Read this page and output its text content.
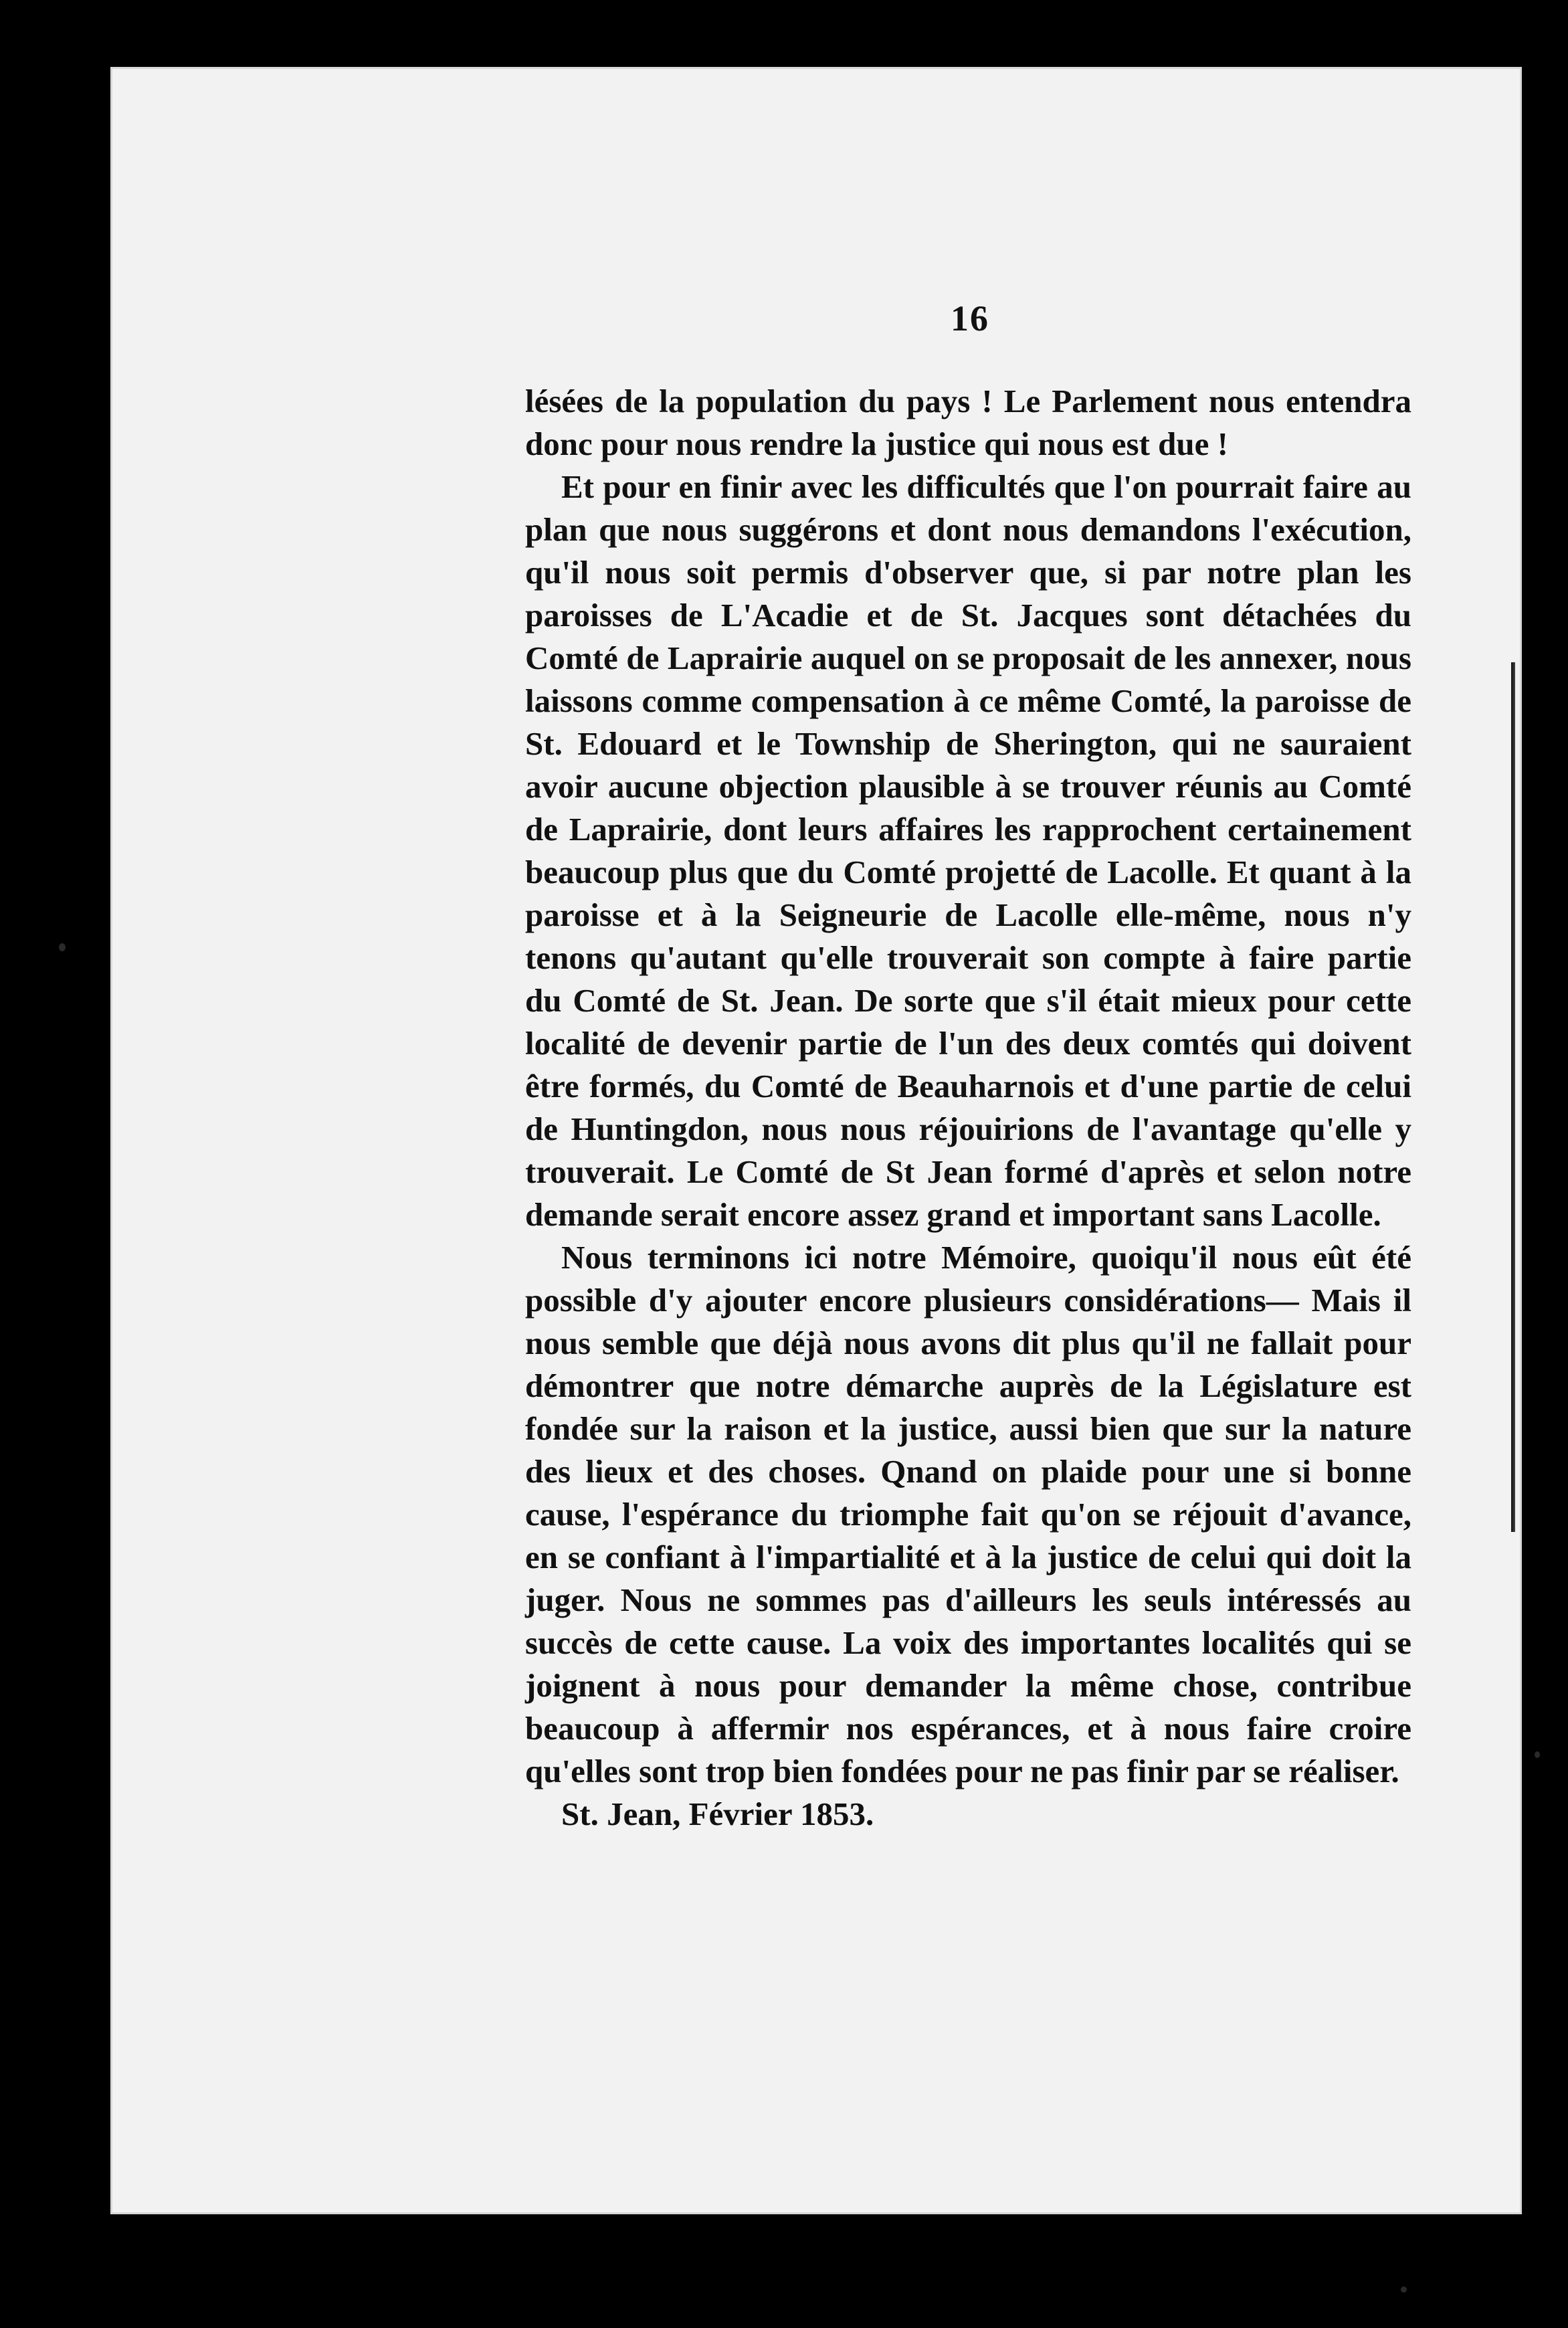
16

lésées de la population du pays ! Le Parlement nous entendra donc pour nous rendre la justice qui nous est due !

Et pour en finir avec les difficultés que l'on pourrait faire au plan que nous suggérons et dont nous demandons l'exécution, qu'il nous soit permis d'observer que, si par notre plan les paroisses de L'Acadie et de St. Jacques sont détachées du Comté de Laprairie auquel on se proposait de les annexer, nous laissons comme compensation à ce même Comté, la paroisse de St. Edouard et le Township de Sherington, qui ne sauraient avoir aucune objection plausible à se trouver réunis au Comté de Laprairie, dont leurs affaires les rapprochent certainement beaucoup plus que du Comté projetté de Lacolle. Et quant à la paroisse et à la Seigneurie de Lacolle elle-même, nous n'y tenons qu'autant qu'elle trouverait son compte à faire partie du Comté de St. Jean. De sorte que s'il était mieux pour cette localité de devenir partie de l'un des deux comtés qui doivent être formés, du Comté de Beauharnois et d'une partie de celui de Huntingdon, nous nous réjouirions de l'avantage qu'elle y trouverait. Le Comté de St Jean formé d'après et selon notre demande serait encore assez grand et important sans Lacolle.

Nous terminons ici notre Mémoire, quoiqu'il nous eût été possible d'y ajouter encore plusieurs considérations— Mais il nous semble que déjà nous avons dit plus qu'il ne fallait pour démontrer que notre démarche auprès de la Législature est fondée sur la raison et la justice, aussi bien que sur la nature des lieux et des choses. Qnand on plaide pour une si bonne cause, l'espérance du triomphe fait qu'on se réjouit d'avance, en se confiant à l'impartialité et à la justice de celui qui doit la juger. Nous ne sommes pas d'ailleurs les seuls intéressés au succès de cette cause. La voix des importantes localités qui se joignent à nous pour demander la même chose, contribue beaucoup à affermir nos espérances, et à nous faire croire qu'elles sont trop bien fondées pour ne pas finir par se réaliser.

St. Jean, Février 1853.
